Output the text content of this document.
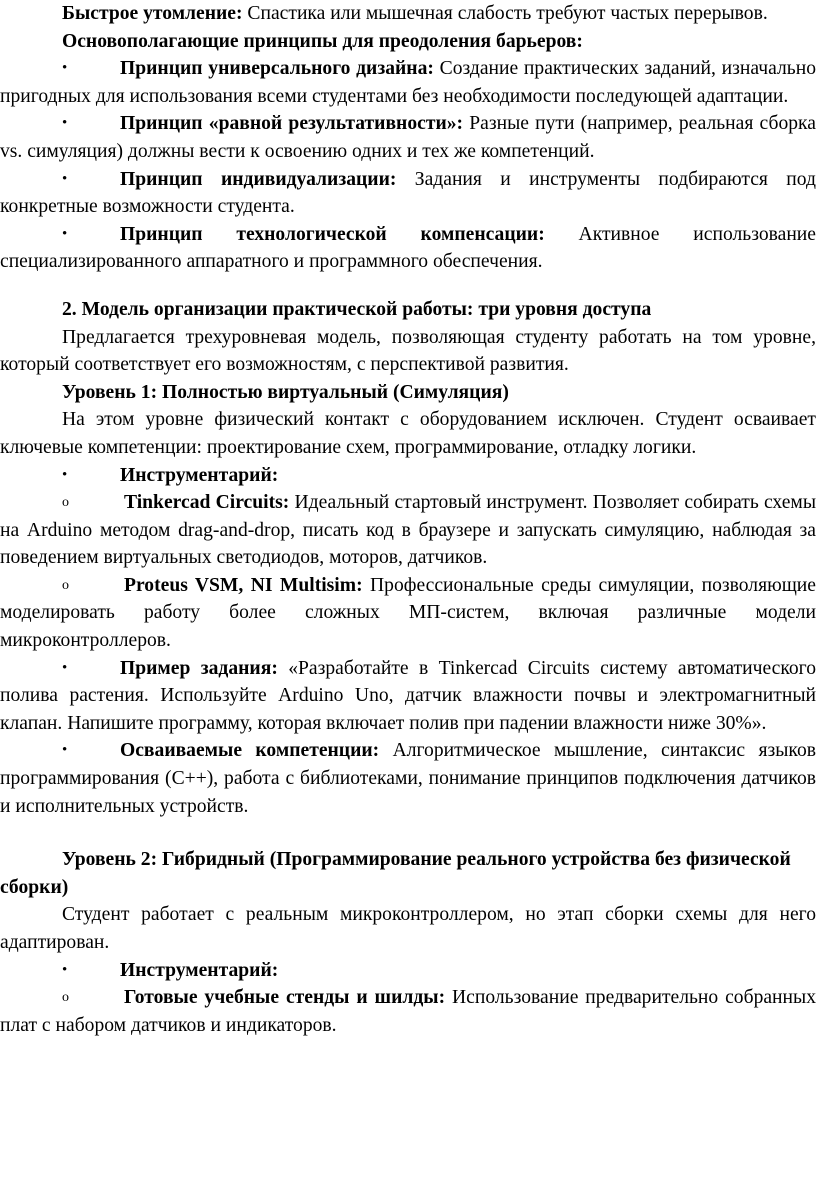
Быстрое утомление: Спастика или мышечная слабость требуют частых перерывов.

Основополагающие принципы для преодоления барьеров:

•	Принцип универсального дизайна: Создание практических заданий, изначально пригодных для использования всеми студентами без необходимости последующей адаптации.

•	Принцип «равной результативности»: Разные пути (например, реальная сборка vs. симуляция) должны вести к освоению одних и тех же компетенций.

•	Принцип индивидуализации: Задания и инструменты подбираются под конкретные возможности студента.

•	Принцип технологической компенсации: Активное использование специализированного аппаратного и программного обеспечения.

2. Модель организации практической работы: три уровня доступа

Предлагается трехуровневая модель, позволяющая студенту работать на том уровне, который соответствует его возможностям, с перспективой развития.

Уровень 1: Полностью виртуальный (Симуляция)

На этом уровне физический контакт с оборудованием исключен. Студент осваивает ключевые компетенции: проектирование схем, программирование, отладку логики.

•	Инструментарий:

o	Tinkercad Circuits: Идеальный стартовый инструмент. Позволяет собирать схемы на Arduino методом drag-and-drop, писать код в браузере и запускать симуляцию, наблюдая за поведением виртуальных светодиодов, моторов, датчиков.

o	Proteus VSM, NI Multisim: Профессиональные среды симуляции, позволяющие моделировать работу более сложных МП-систем, включая различные модели микроконтроллеров.

•	Пример задания: «Разработайте в Tinkercad Circuits систему автоматического полива растения. Используйте Arduino Uno, датчик влажности почвы и электромагнитный клапан. Напишите программу, которая включает полив при падении влажности ниже 30%».

•	Осваиваемые компетенции: Алгоритмическое мышление, синтаксис языков программирования (C++), работа с библиотеками, понимание принципов подключения датчиков и исполнительных устройств.

Уровень 2: Гибридный (Программирование реального устройства без физической сборки)

Студент работает с реальным микроконтроллером, но этап сборки схемы для него адаптирован.

•	Инструментарий:

o	Готовые учебные стенды и шилды: Использование предварительно собранных плат с набором датчиков и индикаторов.
